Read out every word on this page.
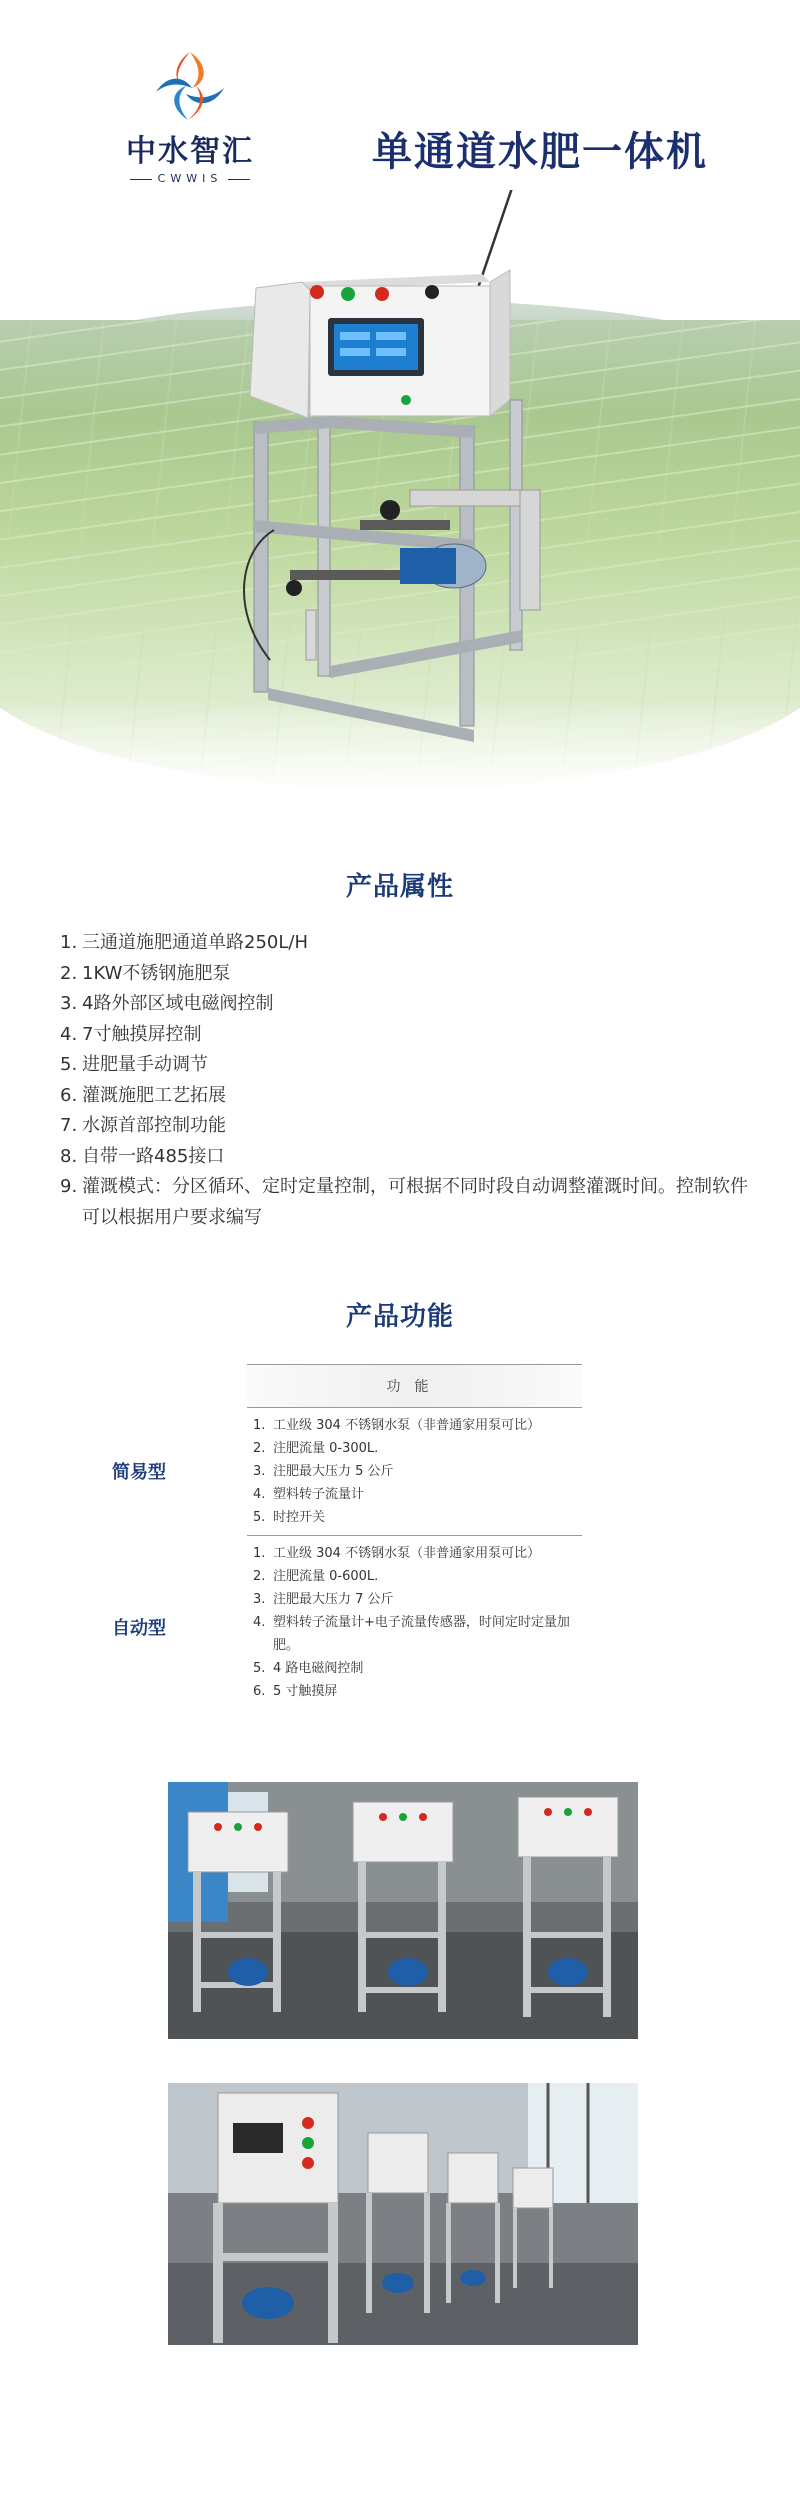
中水智汇
CWWIS
单通道水肥一体机
产品属性
1. 三通道施肥通道单路250L/H
2. 1KW不锈钢施肥泵
3. 4路外部区域电磁阀控制
4. 7寸触摸屏控制
5. 进肥量手动调节
6. 灌溉施肥工艺拓展
7. 水源首部控制功能
8. 自带一路485接口
9. 灌溉模式：分区循环、定时定量控制，可根据不同时段自动调整灌溉时间。控制软件可以根据用户要求编写
产品功能
简易型
自动型
功能
1. 工业级 304 不锈钢水泵（非普通家用泵可比）
2. 注肥流量 0-300L.
3. 注肥最大压力 5 公斤
4. 塑料转子流量计
5. 时控开关
1. 工业级 304 不锈钢水泵（非普通家用泵可比）
2. 注肥流量 0-600L.
3. 注肥最大压力 7 公斤
4. 塑料转子流量计+电子流量传感器，时间定时定量加肥。
5. 4 路电磁阀控制
6. 5 寸触摸屏
